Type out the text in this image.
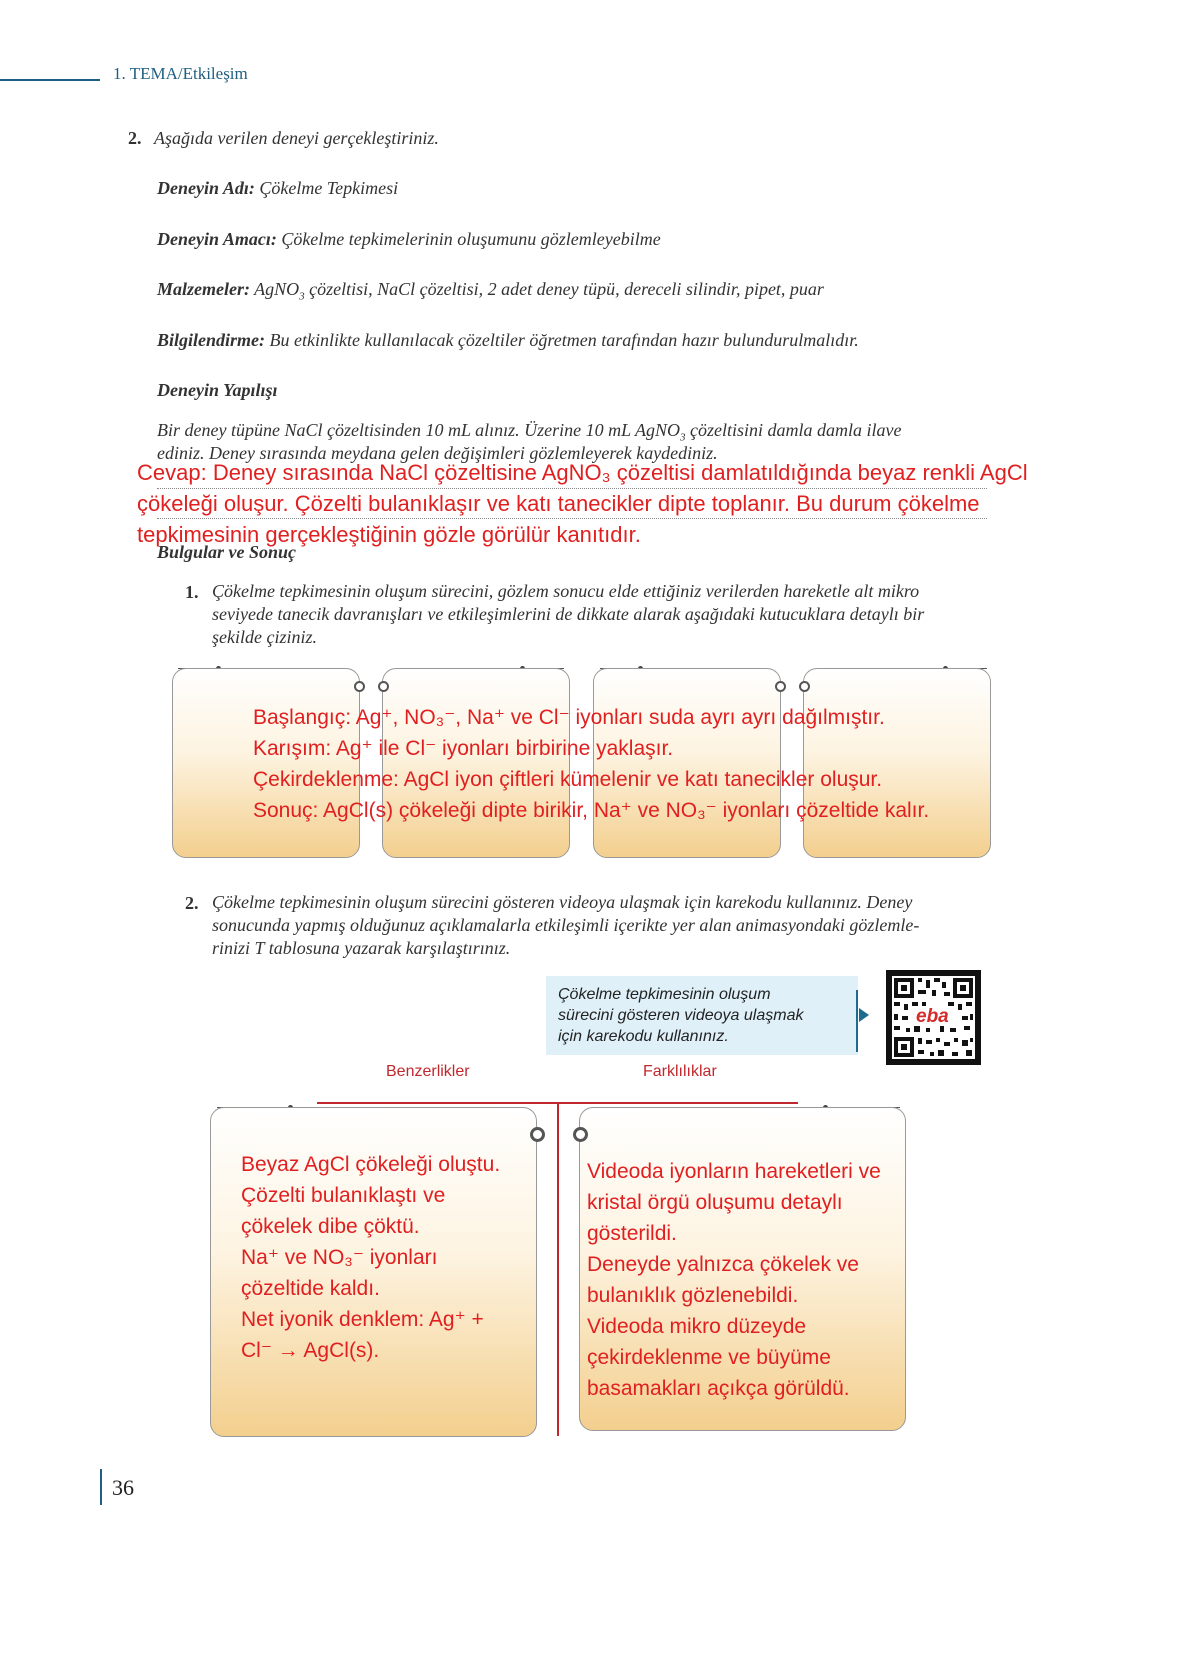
1. TEMA/Etkileşim
2. Aşağıda verilen deneyi gerçekleştiriniz.
Deneyin Adı: Çökelme Tepkimesi
Deneyin Amacı: Çökelme tepkimelerinin oluşumunu gözlemleyebilme
Malzemeler: AgNO$_3$ çözeltisi, NaCl çözeltisi, 2 adet deney tüpü, dereceli silindir, pipet, puar
Bilgilendirme: Bu etkinlikte kullanılacak çözeltiler öğretmen tarafından hazır bulundurulmalıdır.
Deneyin Yapılışı
Bir deney tüpüne NaCl çözeltisinden 10 mL alınız. Üzerine 10 mL AgNO$_3$ çözeltisini damla damla ilave
ediniz. Deney sırasında meydana gelen değişimleri gözlemleyerek kaydediniz.
Cevap: Deney sırasında NaCl çözeltisine AgNO₃ çözeltisi damlatıldığında beyaz renkli AgCl
çökeleği oluşur. Çözelti bulanıklaşır ve katı tanecikler dipte toplanır. Bu durum çökelme
tepkimesinin gerçekleştiğinin gözle görülür kanıtıdır.
Bulgular ve Sonuç
1. Çökelme tepkimesinin oluşum sürecini, gözlem sonucu elde ettiğiniz verilerden hareketle alt mikro
seviyede tanecik davranışları ve etkileşimlerini de dikkate alarak aşağıdaki kutucuklara detaylı bir
şekilde çiziniz.
Başlangıç: Ag⁺, NO₃⁻, Na⁺ ve Cl⁻ iyonları suda ayrı ayrı dağılmıştır.
Karışım: Ag⁺ ile Cl⁻ iyonları birbirine yaklaşır.
Çekirdeklenme: AgCl iyon çiftleri kümelenir ve katı tanecikler oluşur.
Sonuç: AgCl(s) çökeleği dipte birikir, Na⁺ ve NO₃⁻ iyonları çözeltide kalır.
2. Çökelme tepkimesinin oluşum sürecini gösteren videoya ulaşmak için karekodu kullanınız. Deney
sonucunda yapmış olduğunuz açıklamalarla etkileşimli içerikte yer alan animasyondaki gözlemle-
rinizi T tablosuna yazarak karşılaştırınız.
Çökelme tepkimesinin oluşum
sürecini gösteren videoya ulaşmak
için karekodu kullanınız.
eba
Benzerlikler	Farklılıklar
Beyaz AgCl çökeleği oluştu.
Çözelti bulanıklaştı ve
çökelek dibe çöktü.
Na⁺ ve NO₃⁻ iyonları
çözeltide kaldı.
Net iyonik denklem: Ag⁺ +
Cl⁻ → AgCl(s).
Videoda iyonların hareketleri ve
kristal örgü oluşumu detaylı
gösterildi.
Deneyde yalnızca çökelek ve
bulanıklık gözlenebildi.
Videoda mikro düzeyde
çekirdeklenme ve büyüme
basamakları açıkça görüldü.
36
